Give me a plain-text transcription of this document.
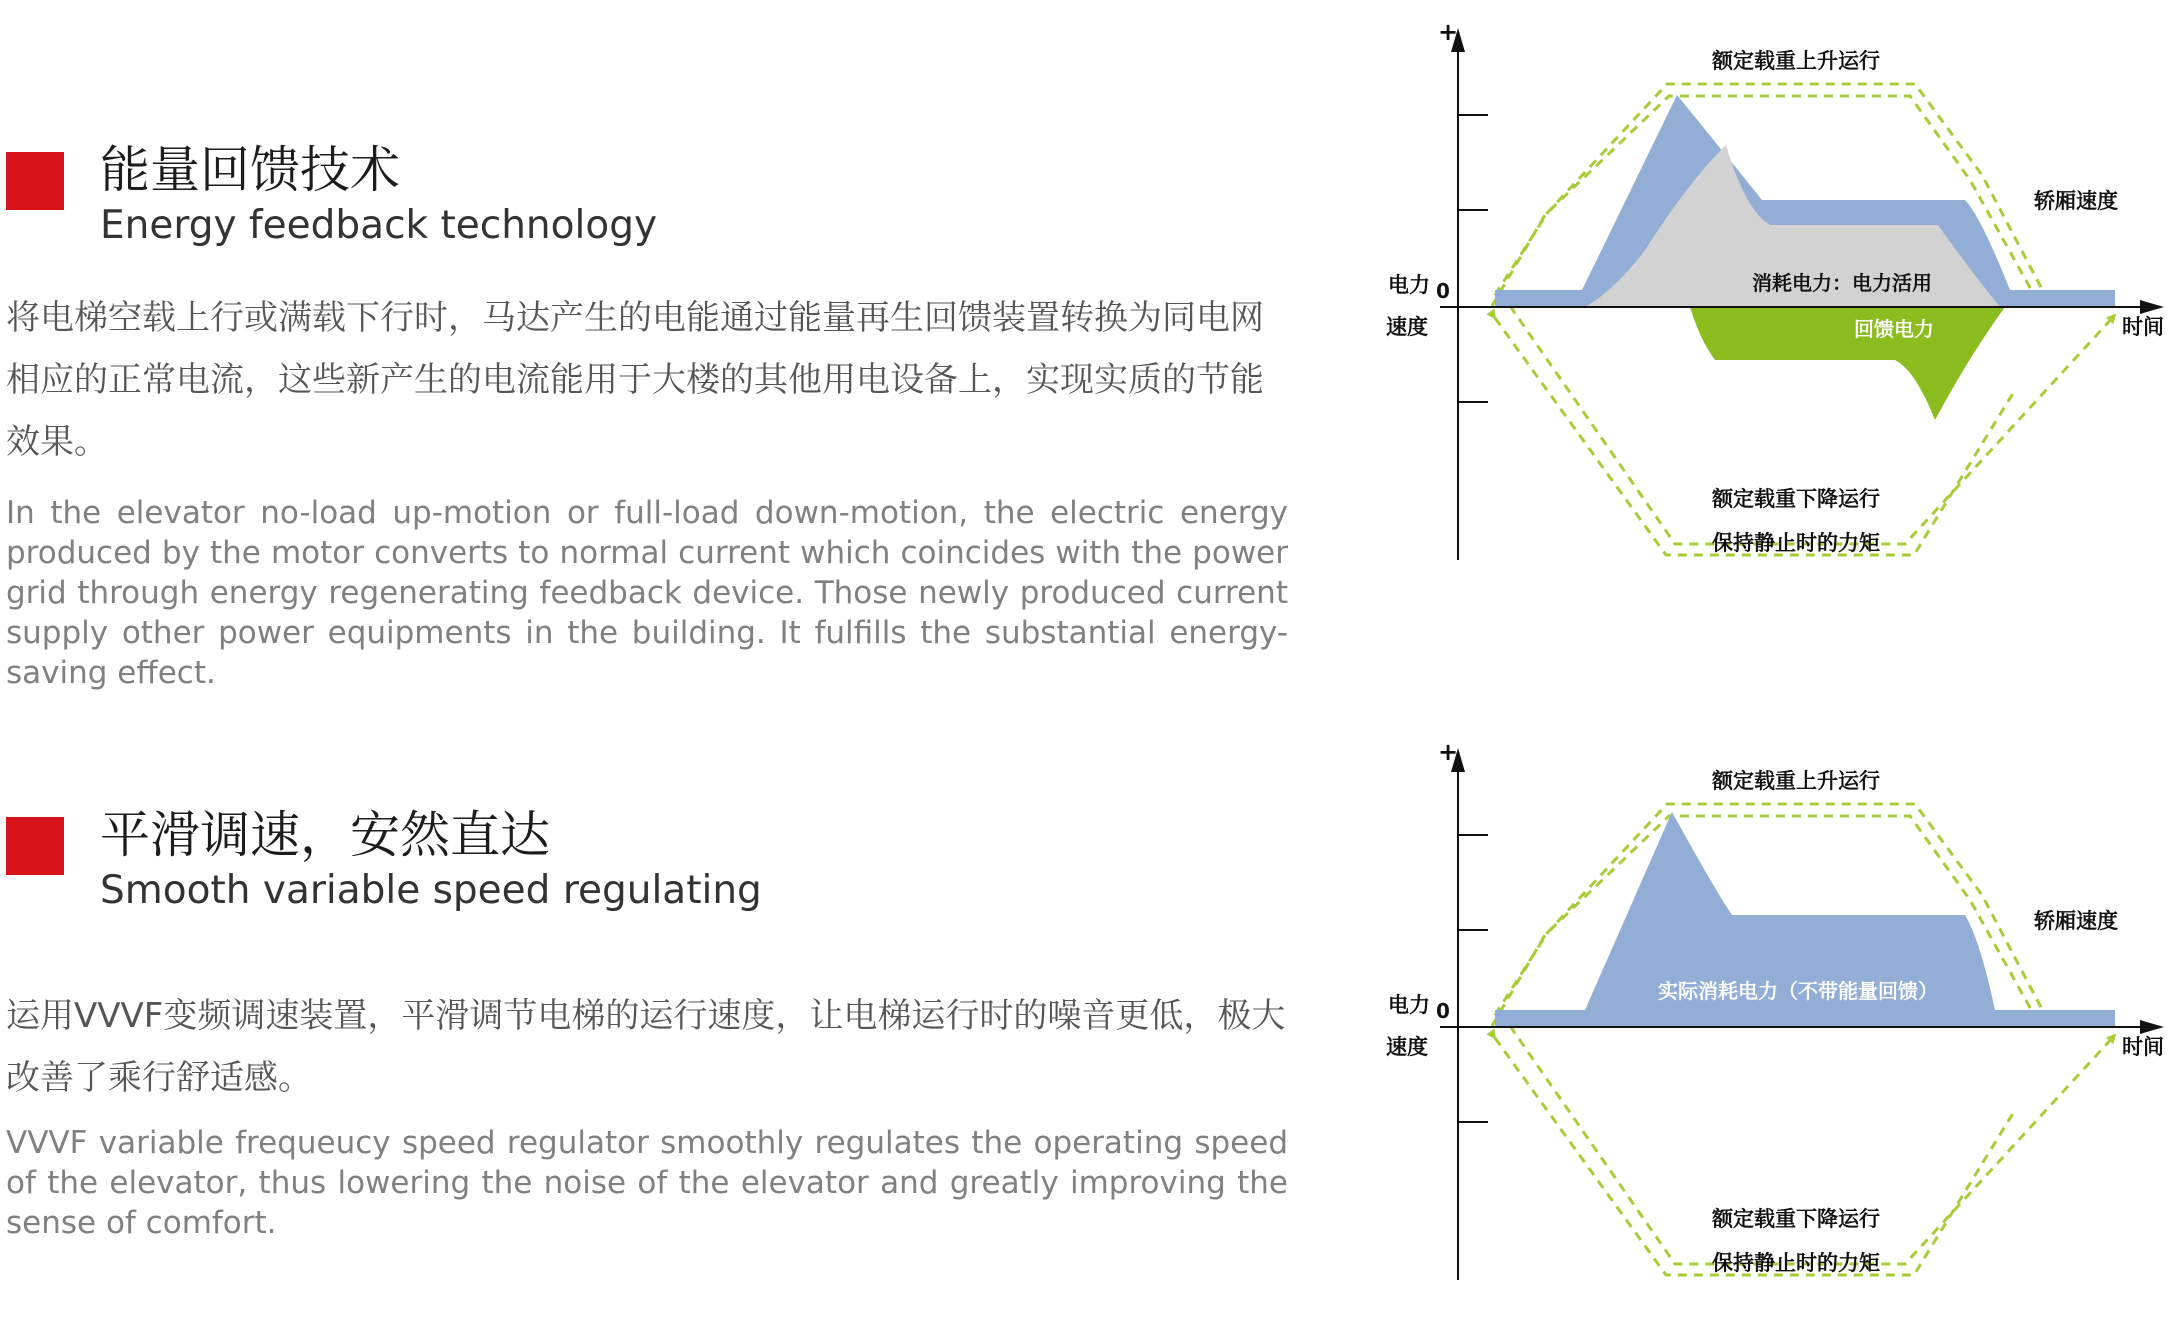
能量回馈技术
Energy feedback technology

将电梯空载上行或满载下行时，马达产生的电能通过能量再生回馈装置转换为同电网相应的正常电流，这些新产生的电流能用于大楼的其他用电设备上，实现实质的节能效果。

In the elevator no-load up-motion or full-load down-motion, the electric energy produced by the motor converts to normal current which coincides with the power grid through energy regenerating feedback device. Those newly produced current supply other power equipments in the building. It fulfills the substantial energy-saving effect.

平滑调速，安然直达
Smooth variable speed regulating

运用VVVF变频调速装置，平滑调节电梯的运行速度，让电梯运行时的噪音更低，极大改善了乘行舒适感。

VVVF variable frequeucy speed regulator smoothly regulates the operating speed of the elevator, thus lowering the noise of the elevator and greatly improving the sense of comfort.

+
0
电力
速度	时间
额定载重上升运行
轿厢速度
消耗电力：电力活用
回馈电力
额定载重下降运行
保持静止时的力矩
+
0
电力
速度	时间
额定载重上升运行
轿厢速度
实际消耗电力（不带能量回馈）
额定载重下降运行
保持静止时的力矩
